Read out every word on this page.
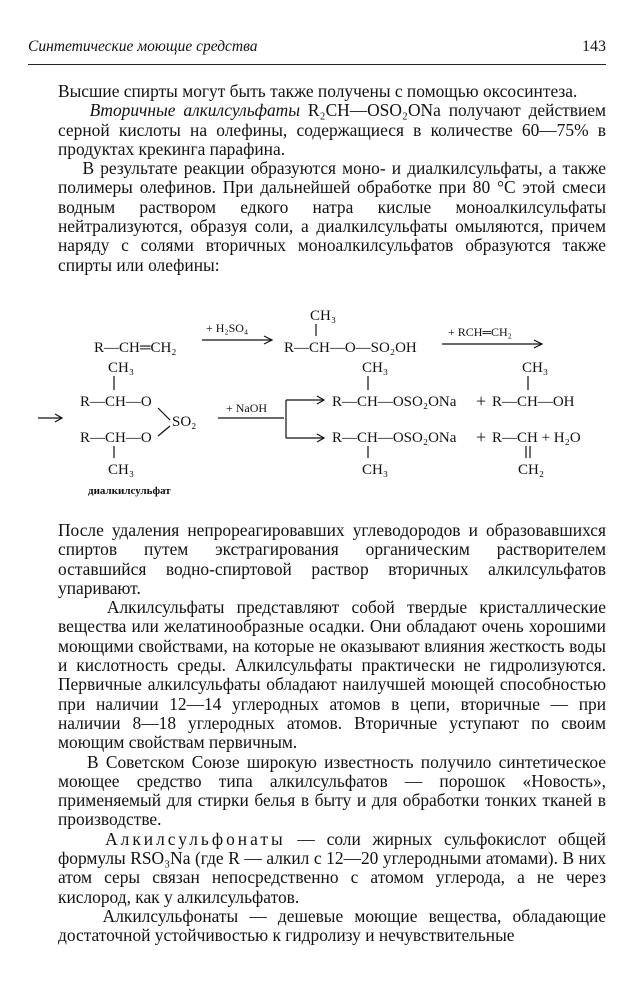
Синтетические моющие средства	143

Высшие спирты могут быть также получены с помощью оксосинтеза.

Вторичные алкилсульфаты R₂CH—OSO₂ONa получают действием серной кислоты на олефины, содержащиеся в количестве 60—75% в продуктах крекинга парафина.

В результате реакции образуются моно- и диалкилсульфаты, а также полимеры олефинов. При дальнейшей обработке при 80 °C этой смеси водным раствором едкого натра кислые моноалкилсульфаты нейтрализуются, образуя соли, а диалкилсульфаты омыляются, причем наряду с солями вторичных моноалкилсульфатов образуются также спирты или олефины:

R—CH═CH₂
+ H₂SO₄
CH₃
R—CH—O—SO₂OH
+ RCH═CH₂
CH₃
R—CH—O
SO₂
R—CH—O
CH₃
диалкилсульфат
+ NaOH
CH₃
R—CH—OSO₂ONa +
CH₃
R—CH—OH
R—CH—OSO₂ONa
CH₃
+ R—CH + H₂O
CH₂

После удаления непрореагировавших углеводородов и образовавшихся спиртов путем экстрагирования органическим растворителем оставшийся водно-спиртовой раствор вторичных алкилсульфатов упаривают.

Алкилсульфаты представляют собой твердые кристаллические вещества или желатинообразные осадки. Они обладают очень хорошими моющими свойствами, на которые не оказывают влияния жесткость воды и кислотность среды. Алкилсульфаты практически не гидролизуются. Первичные алкилсульфаты обладают наилучшей моющей способностью при наличии 12—14 углеродных атомов в цепи, вторичные — при наличии 8—18 углеродных атомов. Вторичные уступают по своим моющим свойствам первичным.

В Советском Союзе широкую известность получило синтетическое моющее средство типа алкилсульфатов — порошок «Новость», применяемый для стирки белья в быту и для обработки тонких тканей в производстве.

Алкилсульфонаты — соли жирных сульфокислот общей формулы RSO₃Na (где R — алкил с 12—20 углеродными атомами). В них атом серы связан непосредственно с атомом углерода, а не через кислород, как у алкилсульфатов.

Алкилсульфонаты — дешевые моющие вещества, обладающие достаточной устойчивостью к гидролизу и нечувствительные
